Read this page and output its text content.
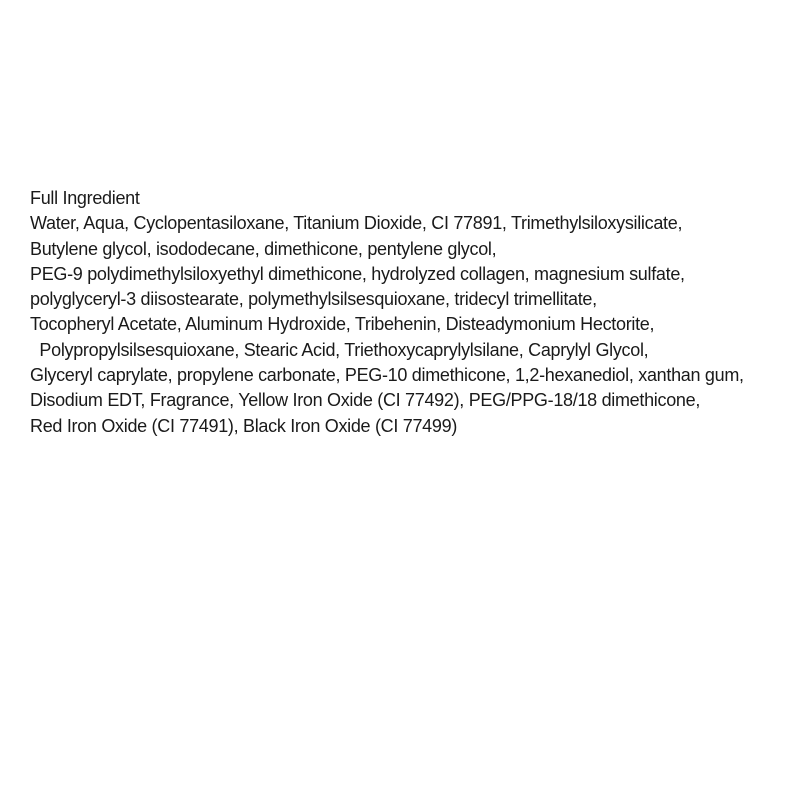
Full Ingredient
Water, Aqua, Cyclopentasiloxane, Titanium Dioxide, CI 77891, Trimethylsiloxysilicate,
Butylene glycol, isododecane, dimethicone, pentylene glycol,
PEG-9 polydimethylsiloxyethyl dimethicone, hydrolyzed collagen, magnesium sulfate,
polyglyceryl-3 diisostearate, polymethylsilsesquioxane, tridecyl trimellitate,
Tocopheryl Acetate, Aluminum Hydroxide, Tribehenin, Disteadymonium Hectorite,
Polypropylsilsesquioxane, Stearic Acid, Triethoxycaprylylsilane, Caprylyl Glycol,
Glyceryl caprylate, propylene carbonate, PEG-10 dimethicone, 1,2-hexanediol, xanthan gum,
Disodium EDT, Fragrance, Yellow Iron Oxide (CI 77492), PEG/PPG-18/18 dimethicone,
Red Iron Oxide (CI 77491), Black Iron Oxide (CI 77499)
